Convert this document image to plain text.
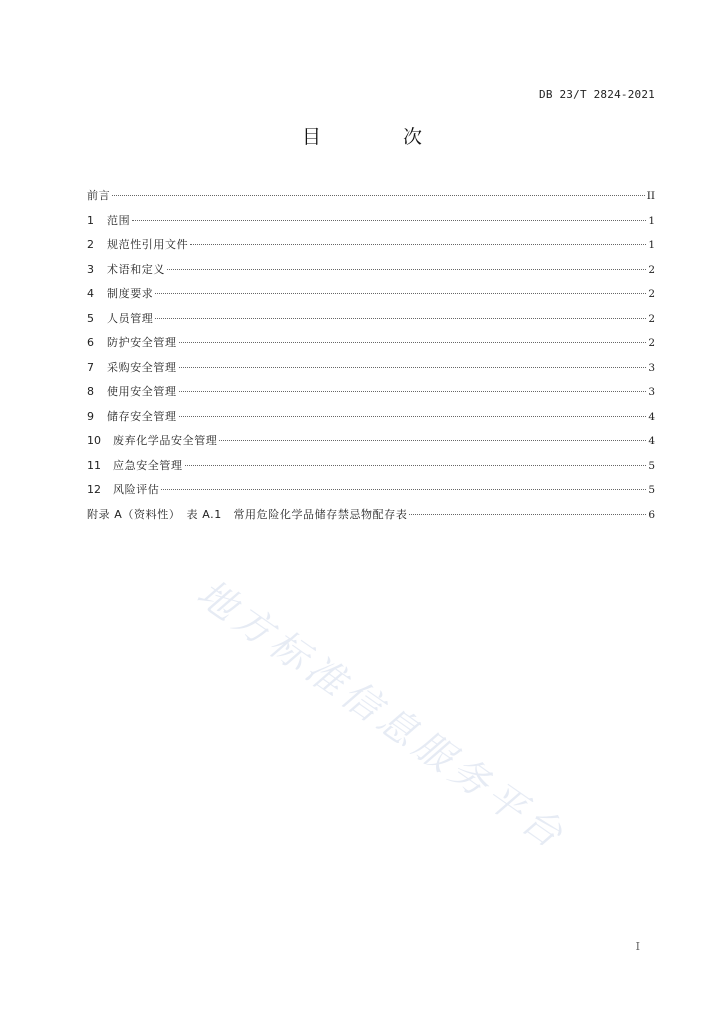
DB 23/T 2824-2021
目 次
前言	II
1	范围	1
2	规范性引用文件	1
3	术语和定义	2
4	制度要求	2
5	人员管理	2
6	防护安全管理	2
7	采购安全管理	3
8	使用安全管理	3
9	储存安全管理	4
10	废弃化学品安全管理	4
11	应急安全管理	5
12	风险评估	5
附录 A（资料性）　表 A.1　常用危险化学品储存禁忌物配存表	6
地方标准信息服务平台
I
